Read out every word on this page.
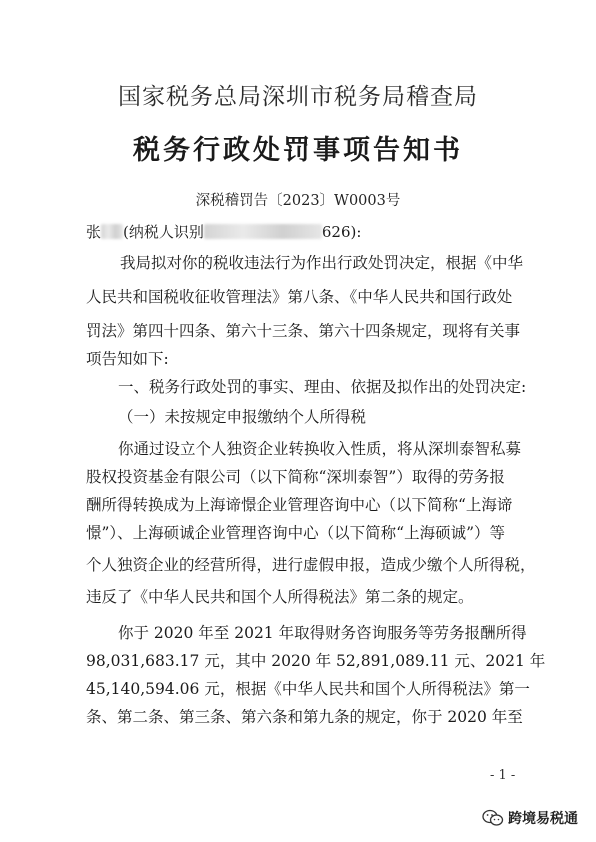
国家税务总局深圳市税务局稽查局
税务行政处罚事项告知书
深税稽罚告〔2023〕W0003号
张 (纳税人识别	626):
我局拟对你的税收违法行为作出行政处罚决定，根据《中华
人民共和国税收征收管理法》第八条、《中华人民共和国行政处
罚法》第四十四条、第六十三条、第六十四条规定，现将有关事
项告知如下:
一、税务行政处罚的事实、理由、依据及拟作出的处罚决定:
（一）未按规定申报缴纳个人所得税
你通过设立个人独资企业转换收入性质，将从深圳泰智私募
股权投资基金有限公司（以下简称“深圳泰智”）取得的劳务报
酬所得转换成为上海谛憬企业管理咨询中心（以下简称“上海谛
憬”）、上海硕诚企业管理咨询中心（以下简称“上海硕诚”）等
个人独资企业的经营所得，进行虚假申报，造成少缴个人所得税，
违反了《中华人民共和国个人所得税法》第二条的规定。
你于 2020 年至 2021 年取得财务咨询服务等劳务报酬所得
98,031,683.17 元，其中 2020 年 52,891,089.11 元、2021 年
45,140,594.06 元，根据《中华人民共和国个人所得税法》第一
条、第二条、第三条、第六条和第九条的规定，你于 2020 年至
- 1 -
跨境易税通
